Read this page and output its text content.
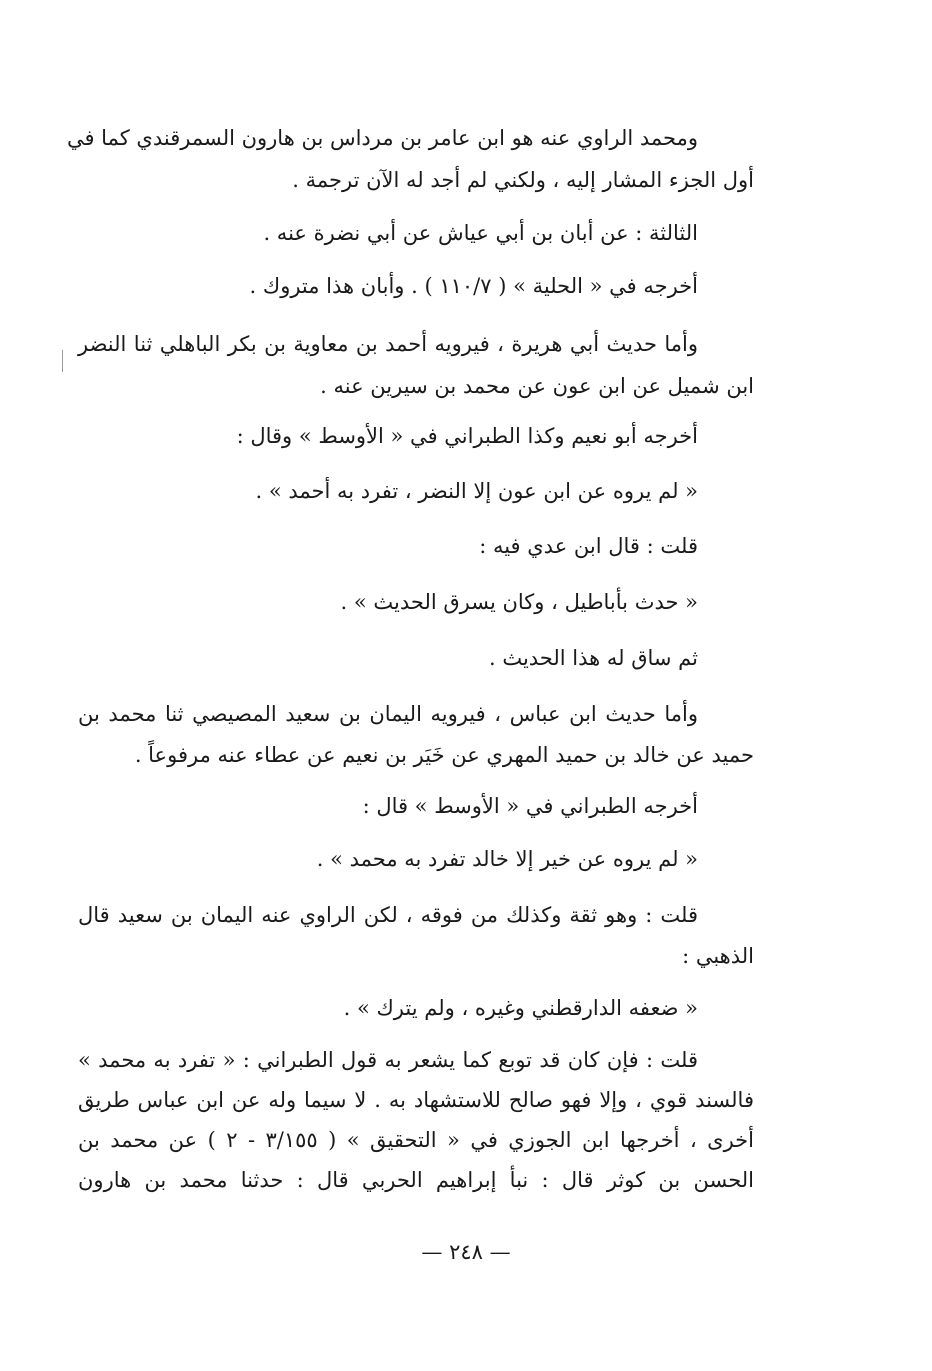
ومحمد الراوي عنه هو ابن عامر بن مرداس بن هارون السمرقندي كما في
أول الجزء المشار إليه ، ولكني لم أجد له الآن ترجمة .
الثالثة : عن أبان بن أبي عياش عن أبي نضرة عنه .
أخرجه في « الحلية » ( ١١٠/٧ ) . وأبان هذا متروك .
وأما حديث أبي هريرة ، فيرويه أحمد بن معاوية بن بكر الباهلي ثنا النضر
ابن شميل عن ابن عون عن محمد بن سيرين عنه .
أخرجه أبو نعيم وكذا الطبراني في « الأوسط » وقال :
« لم يروه عن ابن عون إلا النضر ، تفرد به أحمد » .
قلت : قال ابن عدي فيه :
« حدث بأباطيل ، وكان يسرق الحديث » .
ثم ساق له هذا الحديث .
وأما حديث ابن عباس ، فيرويه اليمان بن سعيد المصيصي ثنا محمد بن
حميد عن خالد بن حميد المهري عن خَيَر بن نعيم عن عطاء عنه مرفوعاً .
أخرجه الطبراني في « الأوسط » قال :
« لم يروه عن خير إلا خالد تفرد به محمد » .
قلت : وهو ثقة وكذلك من فوقه ، لكن الراوي عنه اليمان بن سعيد قال
الذهبي :
« ضعفه الدارقطني وغيره ، ولم يترك » .
قلت : فإن كان قد توبع كما يشعر به قول الطبراني : « تفرد به محمد »
فالسند قوي ، وإلا فهو صالح للاستشهاد به . لا سيما وله عن ابن عباس طريق
أخرى ، أخرجها ابن الجوزي في « التحقيق » ( ٣/١٥٥ - ٢ ) عن محمد بن
الحسن بن كوثر قال : نبأ إبراهيم الحربي قال : حدثنا محمد بن هارون
— ٢٤٨ —
